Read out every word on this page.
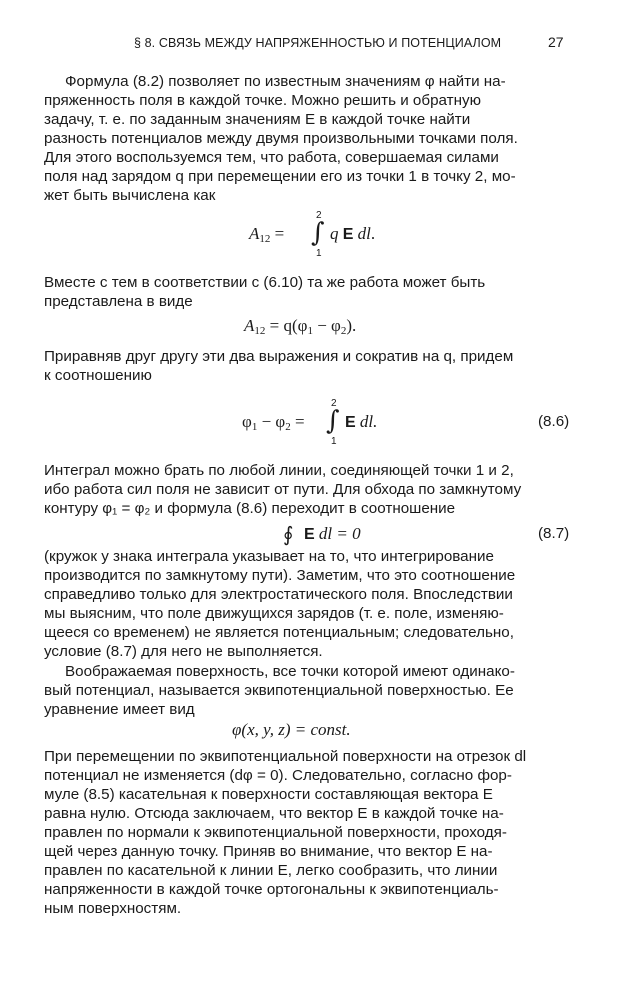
§ 8. СВЯЗЬ МЕЖДУ НАПРЯЖЕННОСТЬЮ И ПОТЕНЦИАЛОМ	27
Формула (8.2) позволяет по известным значениям φ найти на-
пряженность поля в каждой точке. Можно решить и обратную
задачу, т. е. по заданным значениям E в каждой точке найти
разность потенциалов между двумя произвольными точками поля.
Для этого воспользуемся тем, что работа, совершаемая силами
поля над зарядом q при перемещении его из точки 1 в точку 2, мо-
жет быть вычислена как
$A_{12}$ =
2
∫
1
q E dl.
Вместе с тем в соответствии с (6.10) та же работа может быть
представлена в виде
$A_{12} = q(\varphi_1 - \varphi_2)$.
Приравняв друг другу эти два выражения и сократив на q, придем
к соотношению
$\varphi_1 - \varphi_2$ =
2
∫
1
E dl.	(8.6)
Интеграл можно брать по любой линии, соединяющей точки 1 и 2,
ибо работа сил поля не зависит от пути. Для обхода по замкнутому
контуру φ₁ = φ₂ и формула (8.6) переходит в соотношение
∮ E dl = 0	(8.7)
(кружок у знака интеграла указывает на то, что интегрирование
производится по замкнутому пути). Заметим, что это соотношение
справедливо только для электростатического поля. Впоследствии
мы выясним, что поле движущихся зарядов (т. е. поле, изменяю-
щееся со временем) не является потенциальным; следовательно,
условие (8.7) для него не выполняется.
Воображаемая поверхность, все точки которой имеют одинако-
вый потенциал, называется эквипотенциальной поверхностью. Ее
уравнение имеет вид
φ(x, y, z) = const.
При перемещении по эквипотенциальной поверхности на отрезок dl
потенциал не изменяется (dφ = 0). Следовательно, согласно фор-
муле (8.5) касательная к поверхности составляющая вектора E
равна нулю. Отсюда заключаем, что вектор E в каждой точке на-
правлен по нормали к эквипотенциальной поверхности, проходя-
щей через данную точку. Приняв во внимание, что вектор E на-
правлен по касательной к линии E, легко сообразить, что линии
напряженности в каждой точке ортогональны к эквипотенциаль-
ным поверхностям.
